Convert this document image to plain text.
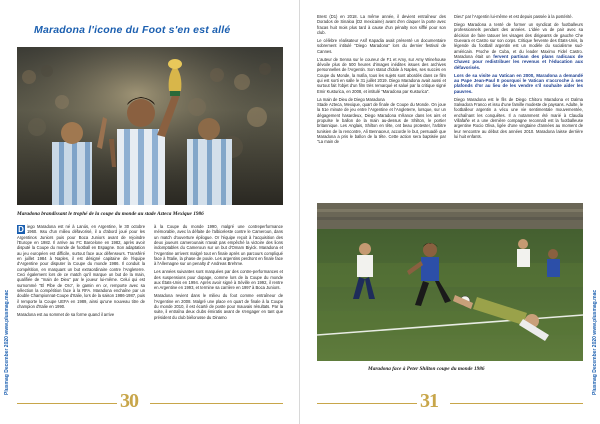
Maradona l'icone du Foot s'en est allé
Maradona brandissant le trophé de la coupe du monde au stade Azteca Mexique 1986

D iego Maradona est né à Lanús, en Argentine, le 30 octobre 1960. Issu d'un milieu défavorisé, il a d'abord joué pour les Argentinos Juniors puis pour Boca Juniors avant de rejoindre l'Europe en 1982. Il arrive au FC Barcelone en 1982, après avoir disputé la Coupe du monde de football en Espagne. Son adaptation au jeu européen est difficile, surtout face aux défenseurs. Transféré en juillet 1984 à Naples, il est désigné capitaine de l'équipe d'Argentine pour disputer la Coupe du monde 1986. Il conduit la compétition, en marquant un but extraordinaire contre l'Angleterre. Ceci également lors de ce match qu'il marque un but de la main, qualifiée de "main de Dieu" par le joueur lui-même. Celui qui est surnommé "El Pibe de Oro", le gamin en or, remporte avec sa sélection la compétition face à la RFA. Maradona enchaîne par un double Championnat-Coupe d'Italie, lors de la saison 1986-1987, puis il remporte la Coupe UEFA en 1989, ainsi qu'une nouveau titre de champion d'Italie en 1990.

Maradona est au sommet de sa forme quand il arrive

à la Coupe du monde 1990, malgré une contreperformance mémorable, avec la défaite de l'albiceleste contre le Cameroun, dans un match d'ouverture épilogue. Or l'équipe reçoit à l'acquisition des deux joueurs camerounais n'avait pas empêché la victoire des lions indomptables du Cameroun sur un but d'Omam Biyick. Maradona et l'Argentine arrivent malgré tout en finale après un parcours compliqué face à l'Italie, la phase de poule. Les argentins perdront en finale face à l'Allemagne sur un penalty d' Andreas Brehme.

Les années suivantes sont marquées par des contre-performances et des suspensions pour dopage, comme lors de la Coupe du monde aux États-Unis en 1994. Après avoir signé à Séville en 1992, il rentre en Argentine en 1993, et termine sa carrière en 1997 à Boca Juniors.

Maradona revient dans le milieu du foot comme entraîneur de l'Argentine en 2008. Malgré une place en quart de finale à la Coupe du monde 2010, il est écarté de poste pour mauvais résultats. Par la suite, il entraîna deux clubs émiratis avant de s'engager en tant que président du club biélorusse du Dinamo

30
Plusmag December 2020 www.plusmag.mac

Brest (D1) en 2018. La même année, il devient entraîneur des Dorados de Sinaloa (D2 mexicaine) avant d'en claquer la porte avec fracas huit mois plus tard à cause d'un pénalty non sifflé pour son club.

Le célèbre réalisateur Asif Kapadia avait présenté un documentaire sobrement intitulé "Diego Maradona" lors du dernier festival de Cannes.

L'auteur de Senna sur le coureur de F1 et Amy, sur Amy Winehouse dévoile plus de 500 heures d'images inédites issues des archives personnelles de l'Argentin. Son statut d'idole à Naples, ses succès en Coupe du Monde, la mafia, tous les sujets sont abordés dans ce film qui est sorti en salle le 31 juillet 2019. Diego Maradona avait aussi et surtout fait l'objet d'un film très remarqué et salué par la critique signé Emir Kusturica, en 2008, et intitulé "Maradona par Kusturica".

La main de Dieu de Diego Maradona

Stade Azteca, Mexique, quart de finale de Coupe du Monde. On joue la 51e minute de jeu entre l'Argentine et l'Angleterre, lorsque, sur un dégagement hasardeux, Diego Maradona s'élance dans les airs et propulse le ballon de la main au-dessus de Shilton, le portier britannique. Les Anglais, Shilton en tête, ont beau protester, l'arbitre tunisien de la rencontre, Ali Bennaceur, accorde le but, persuadé que Maradona a pris le ballon de la tête. Cette action sera baptisée par "La main de

Dieu" par l'Argentin lui-même et est depuis passée à la postérité.

Diego Maradona a tenté de former un syndicat de footballeurs professionnels pendant des années. L'idée va de pair avec sa décision de faire tatouer les visages des dirigeants de gauche Che Guevara et Castro sur son corps. Critique fervente des États-Unis, la légende du football argentin est un modèle du socialisme sud-américain. Proche de Cuba, et du leader Maximo Fidel Castro. Maradona était un fervent partisan des plans radicaux de Chavez pour redistribuer les revenus et l'éducation aux défavorisés.

Lors de sa visite au Vatican en 2000, Maradona a demandé au Pape Jean-Paul II pourquoi le Vatican s'accroche à ses plafonds d'or au lieu de les vendre s'il souhaite aider les pauvres.

Diego Maradona est le fils de Diego Chitoro Maradona et Dalma Salvadora Franco et issu d'une famille modeste de paysans. Adulte, le footballeur argentin a vécu une vie sentimentale mouvementée, enchaînant les conquêtes. Il a notamment été marié à Claudia Villafañe et a une dernière compagne reconnaît est la footballeuse argentine Rocio Oliva, ligée d'une vingtaine d'années au moment de leur rencontre au début des années 2010. Maradona laisse derrière lui huit enfants.

Maradona face à Peter Shilton coupe du monde 1986
31
Plusmag December 2020 www.plusmag.mac
